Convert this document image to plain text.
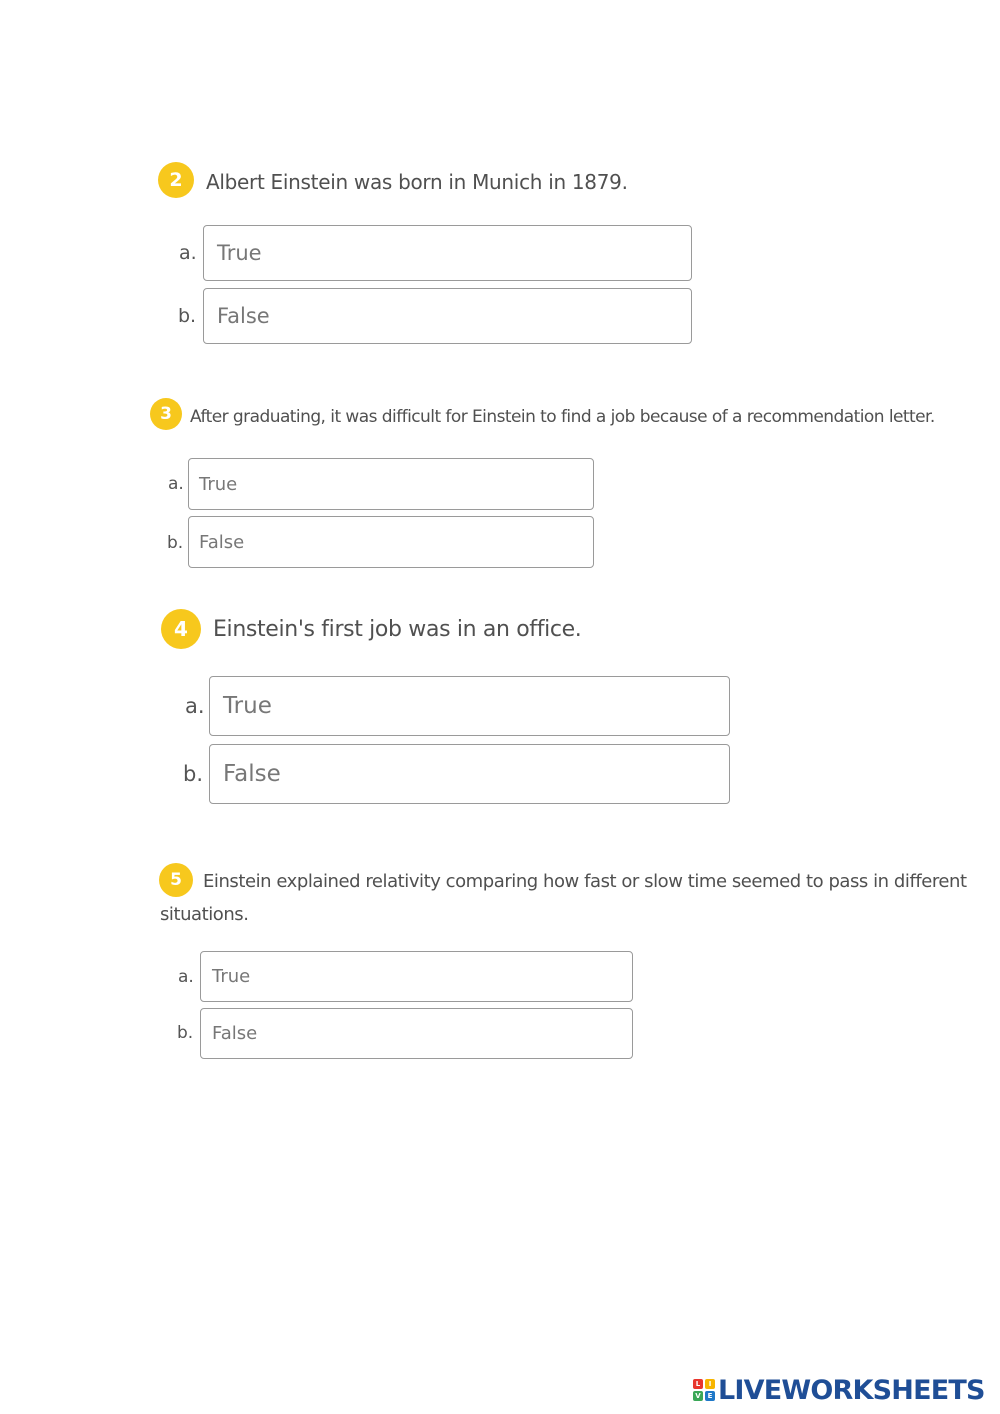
2	Albert Einstein was born in Munich in 1879.
a. True
b. False
3	After graduating, it was difficult for Einstein to find a job because of a recommendation letter.
a. True
b. False
4	Einstein's first job was in an office.
a. True
b. False
5	Einstein explained relativity comparing how fast or slow time seemed to pass in different
situations.
a. True
b. False
L	I
V E LIVEWORKSHEETS
